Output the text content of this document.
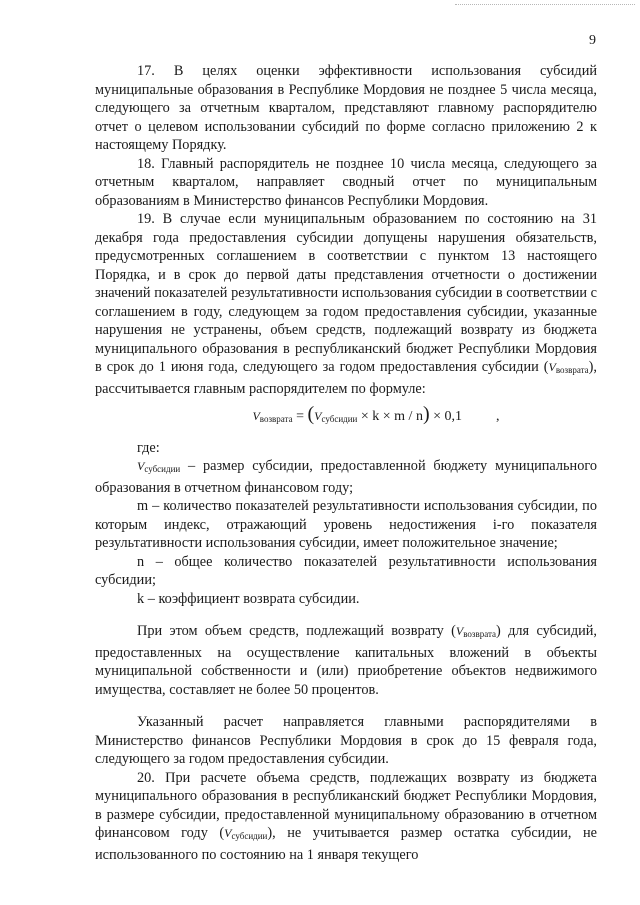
9

17. В целях оценки эффективности использования субсидий муниципальные образования в Республике Мордовия не позднее 5 числа месяца, следующего за отчетным кварталом, представляют главному распорядителю отчет о целевом использовании субсидий по форме согласно приложению 2 к настоящему Порядку.

18. Главный распорядитель не позднее 10 числа месяца, следующего за отчетным кварталом, направляет сводный отчет по муниципальным образованиям в Министерство финансов Республики Мордовия.

19. В случае если муниципальным образованием по состоянию на 31 декабря года предоставления субсидии допущены нарушения обязательств, предусмотренных соглашением в соответствии с пунктом 13 настоящего Порядка, и в срок до первой даты представления отчетности о достижении значений показателей результативности использования субсидии в соответствии с соглашением в году, следующем за годом предоставления субсидии, указанные нарушения не устранены, объем средств, подлежащий возврату из бюджета муниципального образования в республиканский бюджет Республики Мордовия в срок до 1 июня года, следующего за годом предоставления субсидии $(V_{возврата})$, рассчитывается главным распорядителем по формуле:

$V_{возврата} = (V_{субсидии} \times k \times m / n) \times 0,1$ ,

где:

$V_{субсидии}$ – размер субсидии, предоставленной бюджету муниципального образования в отчетном финансовом году;

m – количество показателей результативности использования субсидии, по которым индекс, отражающий уровень недостижения i-го показателя результативности использования субсидии, имеет положительное значение;

n – общее количество показателей результативности использования субсидии;

k – коэффициент возврата субсидии.

При этом объем средств, подлежащий возврату $(V_{возврата})$ для субсидий, предоставленных на осуществление капитальных вложений в объекты муниципальной собственности и (или) приобретение объектов недвижимого имущества, составляет не более 50 процентов.

Указанный расчет направляется главными распорядителями в Министерство финансов Республики Мордовия в срок до 15 февраля года, следующего за годом предоставления субсидии.

20. При расчете объема средств, подлежащих возврату из бюджета муниципального образования в республиканский бюджет Республики Мордовия, в размере субсидии, предоставленной муниципальному образованию в отчетном финансовом году $(V_{субсидии})$, не учитывается размер остатка субсидии, не использованного по состоянию на 1 января текущего
